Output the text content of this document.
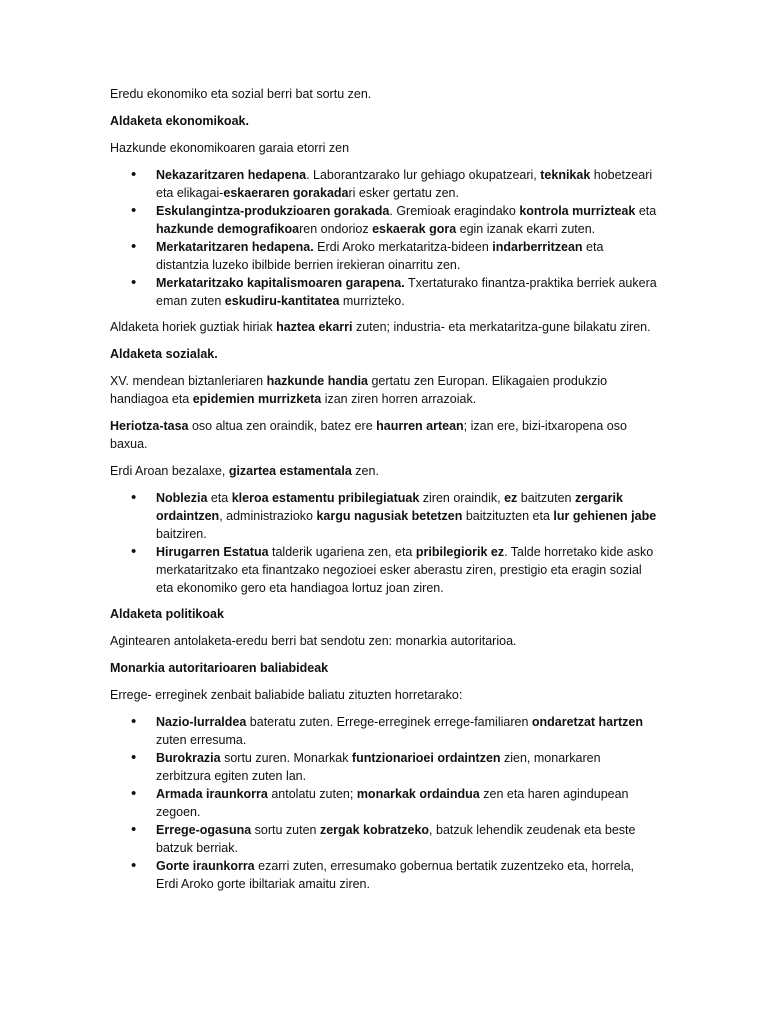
Eredu ekonomiko eta sozial berri bat sortu zen.

Aldaketa ekonomikoak.

Hazkunde ekonomikoaren garaia etorri zen

• Nekazaritzaren hedapena. Laborantzarako lur gehiago okupatzeari, teknikak hobetzeari eta elikagai-eskaeraren gorakadari esker gertatu zen.
• Eskulangintza-produkzioaren gorakada. Gremioak eragindako kontrola murrizteak eta hazkunde demografikoaren ondorioz eskaerak gora egin izanak ekarri zuten.
• Merkataritzaren hedapena. Erdi Aroko merkataritza-bideen indarberritzean eta distantzia luzeko ibilbide berrien irekieran oinarritu zen.
• Merkataritzako kapitalismoaren garapena. Txertaturako finantza-praktika berriek aukera eman zuten eskudiru-kantitatea murrizteko.

Aldaketa horiek guztiak hiriak haztea ekarri zuten; industria- eta merkataritza-gune bilakatu ziren.

Aldaketa sozialak.

XV. mendean biztanleriaren hazkunde handia gertatu zen Europan. Elikagaien produkzio handiagoa eta epidemien murrizketa izan ziren horren arrazoiak.

Heriotza-tasa oso altua zen oraindik, batez ere haurren artean; izan ere, bizi-itxaropena oso baxua.

Erdi Aroan bezalaxe, gizartea estamentala zen.

• Noblezia eta kleroa estamentu pribilegiatuak ziren oraindik, ez baitzuten zergarik ordaintzen, administrazioko kargu nagusiak betetzen baitzituzten eta lur gehienen jabe baitziren.
• Hirugarren Estatua talderik ugariena zen, eta pribilegiorik ez. Talde horretako kide asko merkataritzako eta finantzako negozioei esker aberastu ziren, prestigio eta eragin sozial eta ekonomiko gero eta handiagoa lortuz joan ziren.

Aldaketa politikoak

Agintearen antolaketa-eredu berri bat sendotu zen: monarkia autoritarioa.

Monarkia autoritarioaren baliabideak

Errege- erreginek zenbait baliabide baliatu zituzten horretarako:

• Nazio-lurraldea bateratu zuten. Errege-erreginek errege-familiaren ondaretzat hartzen zuten erresuma.
• Burokrazia sortu zuren. Monarkak funtzionarioei ordaintzen zien, monarkaren zerbitzura egiten zuten lan.
• Armada iraunkorra antolatu zuten; monarkak ordaindua zen eta haren agindupean zegoen.
• Errege-ogasuna sortu zuten zergak kobratzeko, batzuk lehendik zeudenak eta beste batzuk berriak.
• Gorte iraunkorra ezarri zuten, erresumako gobernua bertatik zuzentzeko eta, horrela, Erdi Aroko gorte ibiltariak amaitu ziren.
